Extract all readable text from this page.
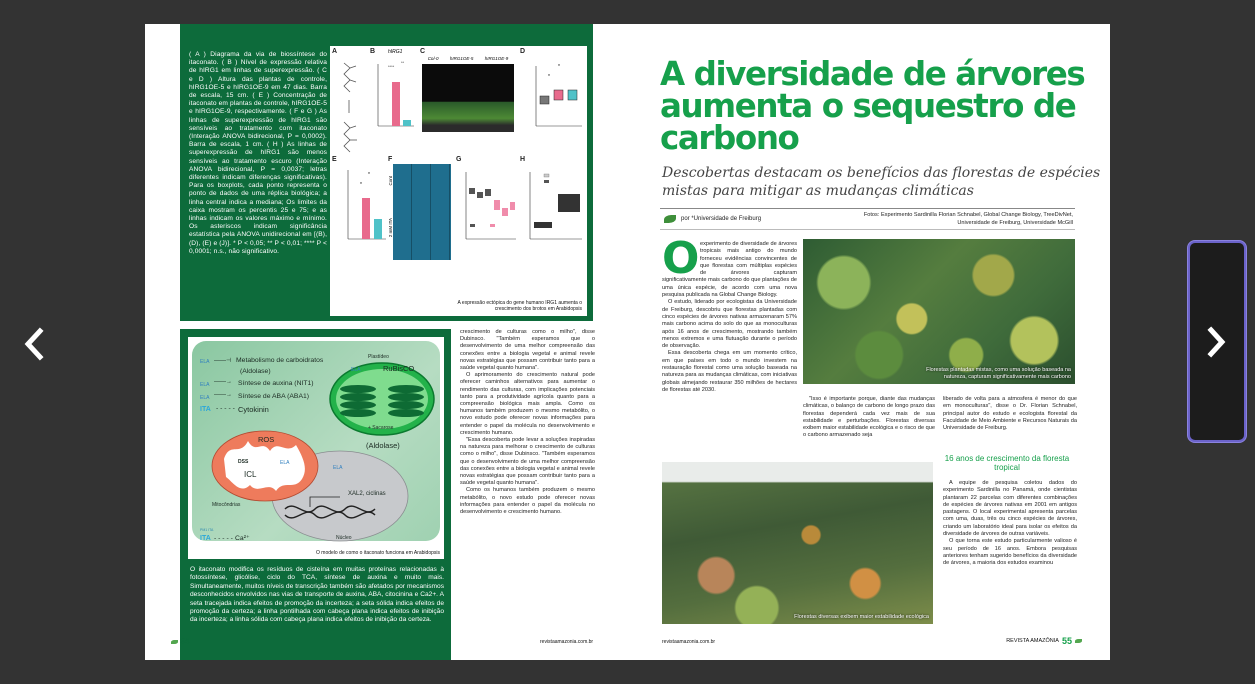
( A ) Diagrama da via de biossíntese do itaconato. ( B ) Nível de expressão relativa de hIRG1 em linhas de superexpressão. ( C e D ) Altura das plantas de controle, hIRG1OE-5 e hIRG1OE-9 em 47 dias. Barra de escala, 15 cm. ( E ) Concentração de itaconato em plantas de controle, hIRG1OE-5 e hIRG1OE-9, respectivamente. ( F e G ) As linhas de superexpressão de hIRG1 são sensíveis ao tratamento com itaconato (Interação ANOVA bidirecional, P = 0,0002). Barra de escala, 1 cm. ( H ) As linhas de superexpressão de hIRG1 são menos sensíveis ao tratamento escuro (Interação ANOVA bidirecional, P = 0,0037; letras diferentes indicam diferenças significativas). Para os boxplots, cada ponto representa o ponto de dados de uma réplica biológica; a linha central indica a mediana; Os limites da caixa mostram os percentis 25 e 75; e as linhas indicam os valores máximo e mínimo. Os asteriscos indicam significância estatística pela ANOVA unidirecional em [(B), (D), (E) e (J)]. * P < 0,05; ** P < 0,01; **** P < 0,0001; n.s., não significativo.
A	B	hIRG1
****
**
C
Col-0	hIRG1OE-5	hIRG1OE-9
D
*
*
E
*
*
F
Cont
2 mM ITA
G	H
A expressão ectópica do gene humano IRG1 aumenta o crescimento dos brotos em Arabidopsis
ELA ——⊣ Metabolismo de carboidratos
(Aldolase)
ELA ——→ Síntese de auxina (NIT1)
ELA ——→ Síntese de ABA (ABA1)
ITA - - - - - Cytokinin
Plastídeo
ELA	RuBisCO
+ Sacarose
(Aldolase)
ELA
XAL2, ciclinas
Núcleo
ROS
DSS	ELA
ICL
Mitocôndrias
PM1 ITA
ITA - - - - - Ca²⁺
O modelo de como o itaconato funciona em Arabidopsis
O itaconato modifica os resíduos de cisteína em muitas proteínas relacionadas à fotossíntese, glicólise, ciclo do TCA, síntese de auxina e muito mais. Simultaneamente, muitos níveis de transcrição também são afetados por mecanismos desconhecidos envolvidos nas vias de transporte de auxina, ABA, citocinina e Ca2+. A seta tracejada indica efeitos de promoção da incerteza; a seta sólida indica efeitos de promoção da certeza; a linha pontilhada com cabeça plana indica efeitos de inibição da incerteza; a linha sólida com cabeça plana indica efeitos de inibição da certeza.

crescimento de culturas como o milho", disse Dubinsco. "Também esperamos que o desenvolvimento de uma melhor compreensão das conexões entre a biologia vegetal e animal revele novas estratégias que possam contribuir tanto para a saúde vegetal quanto humana".

O aprimoramento do crescimento natural pode oferecer caminhos alternativos para aumentar o rendimento das culturas, com implicações potenciais tanto para a produtividade agrícola quanto para a compreensão biológica mais ampla. Como os humanos também produzem o mesmo metabólito, o novo estudo pode oferecer novas informações para entender o papel da molécula no desenvolvimento e crescimento humano.

"Essa descoberta pode levar a soluções inspiradas na natureza para melhorar o crescimento de culturas como o milho", disse Dubinsco. "Também esperamos que o desenvolvimento de uma melhor compreensão das conexões entre a biologia vegetal e animal revele novas estratégias que possam contribuir tanto para a saúde vegetal quanto humana".

Como os humanos também produzem o mesmo metabólito, o novo estudo pode oferecer novas informações para entender o papel da molécula no desenvolvimento e crescimento humano.

54	revistaamazonia.com.br
A diversidade de árvores aumenta o sequestro de carbono
Descobertas destacam os benefícios das florestas de espécies mistas para mitigar as mudanças climáticas
por *Universidade de Freiburg
Fotos: Experimento Sardinilla Florian Schnabel, Global Change Biology, TreeDivNet, Universidade de Freiburg, Universidade McGill
O experimento de diversidade de árvores tropicais mais antigo do mundo forneceu evidências convincentes de que florestas com múltiplas espécies de árvores capturam significativamente mais carbono do que plantações de uma única espécie, de acordo com uma nova pesquisa publicada na Global Change Biology.

O estudo, liderado por ecologistas da Universidade de Freiburg, descobriu que florestas plantadas com cinco espécies de árvores nativas armazenaram 57% mais carbono acima do solo do que as monoculturas após 16 anos de crescimento, mostrando também menos extremos e uma flutuação durante o período de observação.

Essa descoberta chega em um momento crítico, em que países em todo o mundo investem na restauração florestal como uma solução baseada na natureza para as mudanças climáticas, com iniciativas globais almejando restaurar 350 milhões de hectares de florestas até 2030.

Florestas plantadas mistas, como uma solução baseada na natureza, capturam significativamente mais carbono

"Isso é importante porque, diante das mudanças climáticas, o balanço de carbono de longo prazo das florestas dependerá cada vez mais de sua estabilidade e perturbações. Florestas diversas exibem maior estabilidade ecológica e o risco de que o carbono armazenado seja

liberado de volta para a atmosfera é menor do que em monoculturas", disse o Dr. Florian Schnabel, principal autor do estudo e ecologista florestal da Faculdade de Meio Ambiente e Recursos Naturais da Universidade de Freiburg.

16 anos de crescimento da floresta tropical

A equipe de pesquisa coletou dados do experimento Sardinilla no Panamá, onde cientistas plantaram 22 parcelas com diferentes combinações de espécies de árvores nativas em 2001 em antigos pastagens. O local experimental apresenta parcelas com uma, duas, três ou cinco espécies de árvores, criando um laboratório ideal para isolar os efeitos da diversidade de árvores de outras variáveis.

O que torna este estudo particularmente valioso é seu período de 16 anos. Embora pesquisas anteriores tenham sugerido benefícios da diversidade de árvores, a maioria dos estudos examinou

Florestas diversas exibem maior estabilidade ecológica
revistaamazonia.com.br	REVISTA AMAZÔNIA 55
